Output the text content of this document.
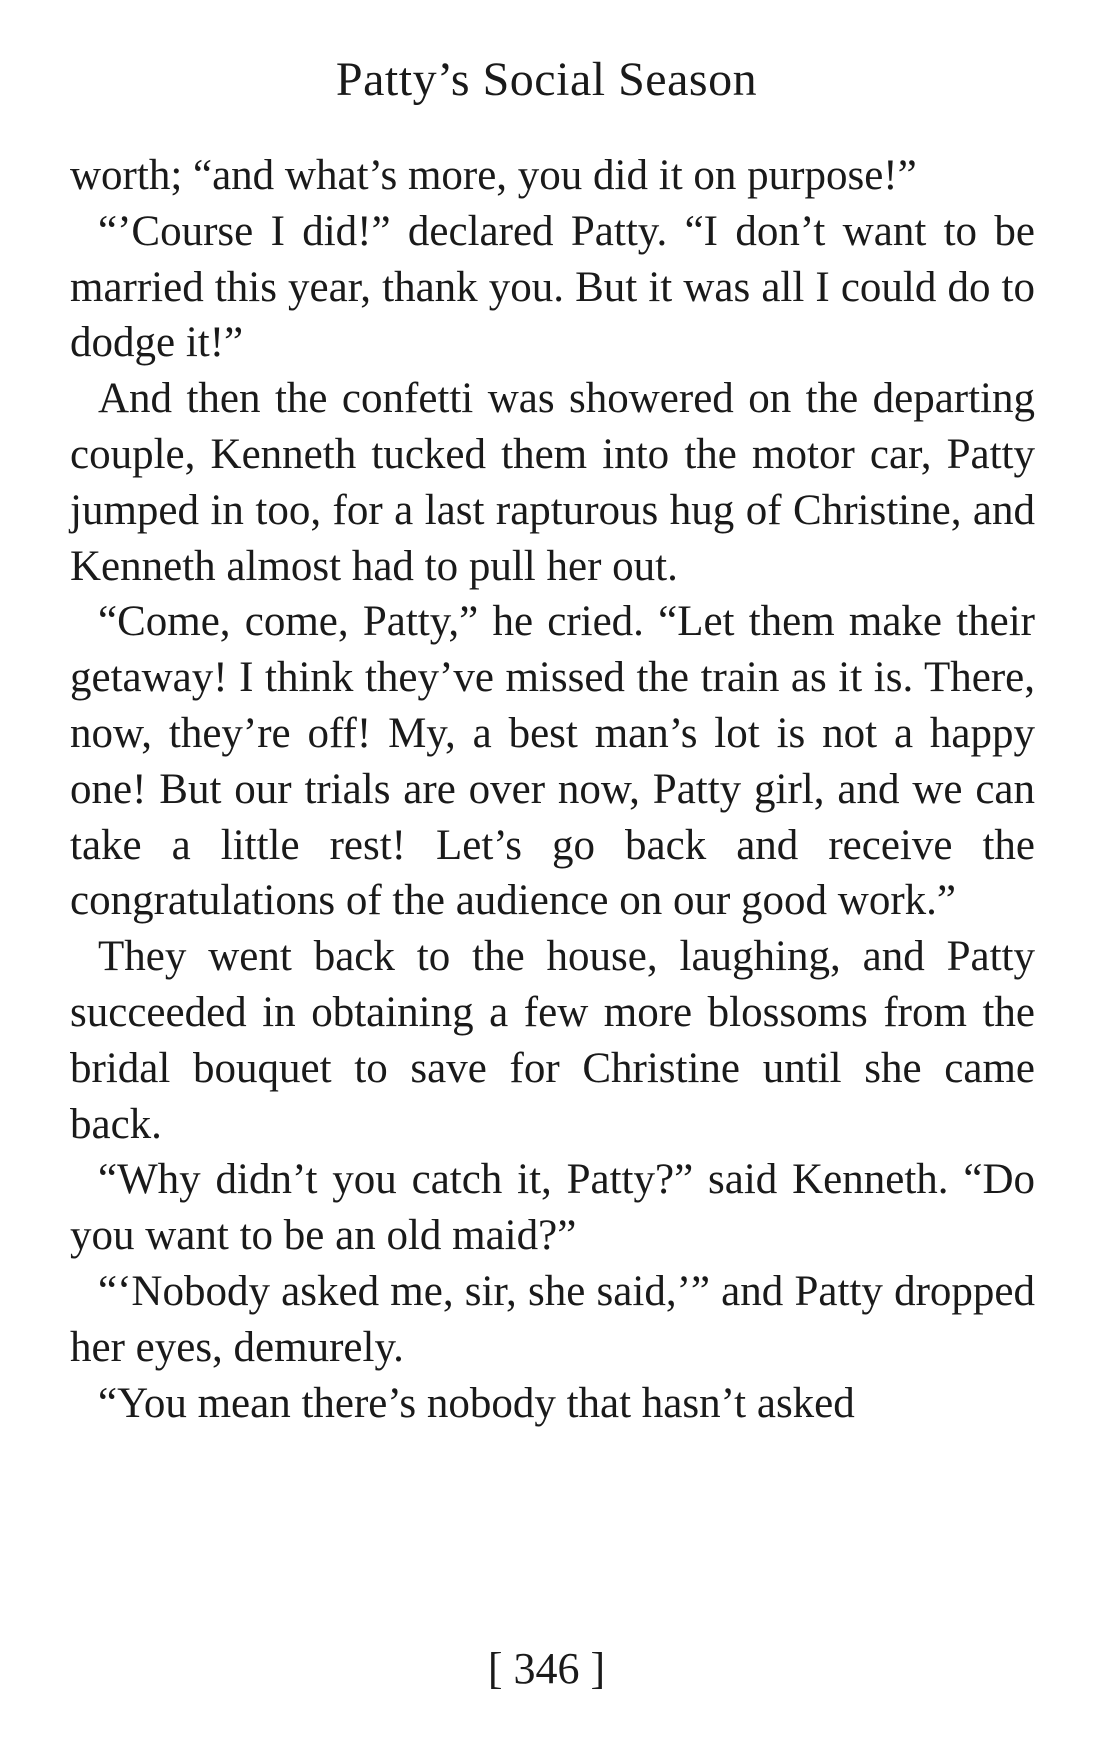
Patty’s Social Season

worth; “and what’s more, you did it on purpose!”

“’Course I did!” declared Patty. “I don’t want to be married this year, thank you. But it was all I could do to dodge it!”

And then the confetti was showered on the departing couple, Kenneth tucked them into the motor car, Patty jumped in too, for a last rapturous hug of Christine, and Kenneth almost had to pull her out.

“Come, come, Patty,” he cried. “Let them make their getaway! I think they’ve missed the train as it is. There, now, they’re off! My, a best man’s lot is not a happy one! But our trials are over now, Patty girl, and we can take a little rest! Let’s go back and receive the congratulations of the audience on our good work.”

They went back to the house, laughing, and Patty succeeded in obtaining a few more blossoms from the bridal bouquet to save for Christine until she came back.

“Why didn’t you catch it, Patty?” said Kenneth. “Do you want to be an old maid?”

“‘Nobody asked me, sir, she said,’” and Patty dropped her eyes, demurely.

“You mean there’s nobody that hasn’t asked

[ 346 ]
